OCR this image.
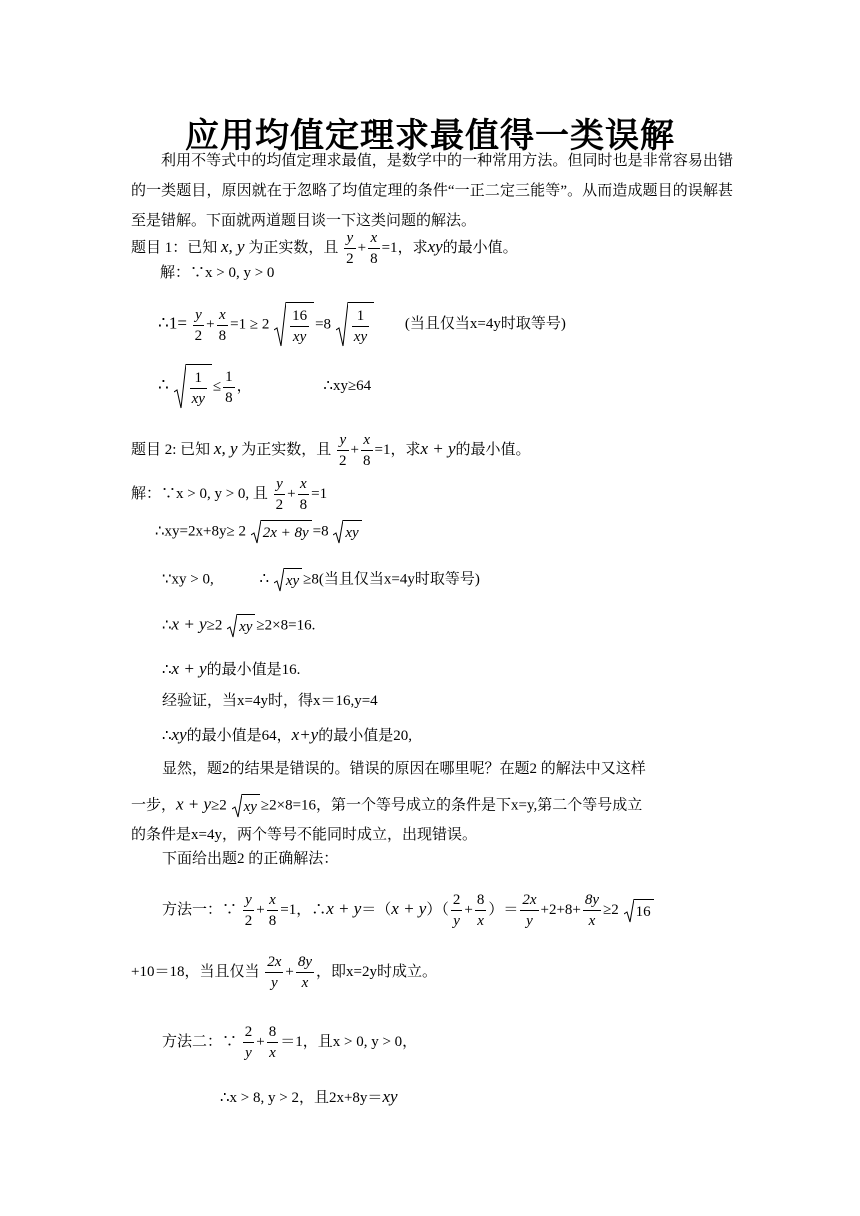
应用均值定理求最值得一类误解
利用不等式中的均值定理求最值，是数学中的一种常用方法。但同时也是非常容易出错的一类题目，原因就在于忽略了均值定理的条件“一正二定三能等”。从而造成题目的误解甚至是错解。下面就两道题目谈一下这类问题的解法。
题目 1：已知 x, y 为正实数，且 $\frac{y}{2} + \frac{x}{8} =1$，求xy的最小值。
解：∵x > 0, y > 0
∴1= $\frac{y}{2} + \frac{x}{8} =1 \ge 2 \frac{16}{xy} =8 \frac{1}{xy}$ (当且仅当x=4y时取等号)
∴ $\frac{1}{xy} \le \frac{1}{8}$ ，	∴xy≥64
题目 2: 已知 x, y 为正实数，且 $\frac{y}{2} + \frac{x}{8} =1$，求x + y的最小值。
解：∵x > 0, y > 0, 且 $\frac{y}{2} + \frac{x}{8} =1$
∴xy=2x+8y≥ 2 2x + 8y =8 xy
∵xy > 0,	∴ xy ≥8(当且仅当x=4y时取等号)
∴x + y≥2 xy ≥2×8=16.
∴x + y的最小值是16.
经验证，当x=4y时，得x＝16,y=4
∴xy的最小值是64，x+y的最小值是20,
显然，题2的结果是错误的。错误的原因在哪里呢？在题2 的解法中又这样
一步，x + y≥2 xy ≥2×8=16，第一个等号成立的条件是下x=y,第二个等号成立
的条件是x=4y，两个等号不能同时成立，出现错误。
下面给出题2 的正确解法：
方法一：∵ $\frac{y}{2} + \frac{x}{8} =1$，∴x + $y=(x + y)( \frac{2}{y} + \frac{8}{x}$ ）＝ $\frac{2x}{y} +2+8+ \frac{8y}{x} \ge 2$ 16
+10＝18，当且仅当 $\frac{2x}{y} + \frac{8y}{x}$ ，即x=2y时成立。
方法二：∵ $\frac{2}{y} + \frac{8}{x} =1$，且x > 0, y > 0，
∴x > 8, y > 2，且2x+8y＝xy
